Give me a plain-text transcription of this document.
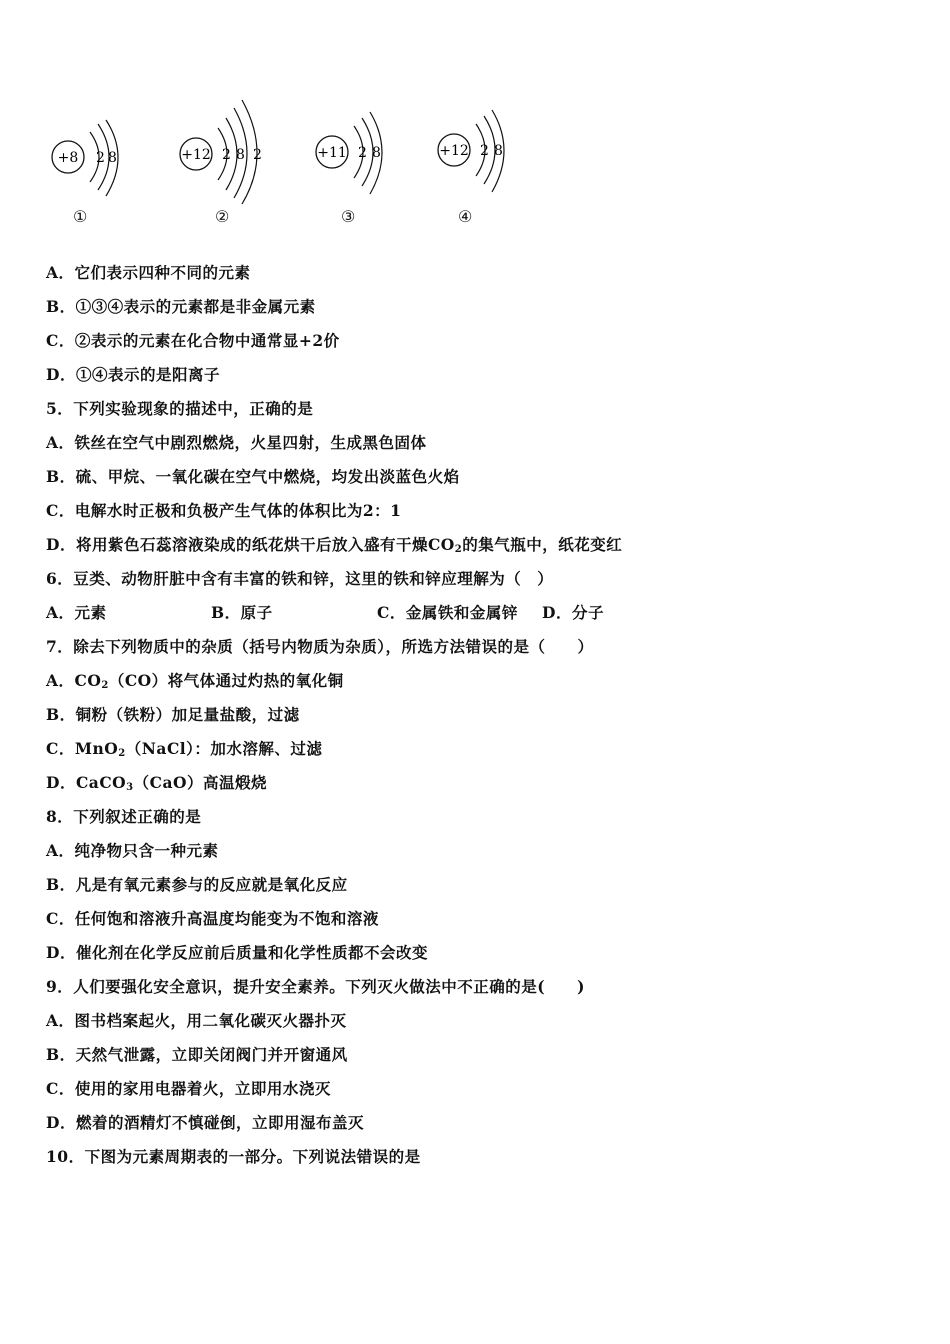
+8 2 8
①
+12 2 8 2
②
+11 2 8
③
+12 2 8
④
A．它们表示四种不同的元素
B．①③④表示的元素都是非金属元素
C．②表示的元素在化合物中通常显+2价
D．①④表示的是阳离子
5．下列实验现象的描述中，正确的是
A．铁丝在空气中剧烈燃烧，火星四射，生成黑色固体
B．硫、甲烷、一氧化碳在空气中燃烧，均发出淡蓝色火焰
C．电解水时正极和负极产生气体的体积比为2：1
D．将用紫色石蕊溶液染成的纸花烘干后放入盛有干燥$CO_2$的集气瓶中，纸花变红
6．豆类、动物肝脏中含有丰富的铁和锌，这里的铁和锌应理解为（　）
A．元素	B．原子	C．金属铁和金属锌 D．分子
7．除去下列物质中的杂质（括号内物质为杂质），所选方法错误的是（　　）
A．$CO_2(CO)$将气体通过灼热的氧化铜
B．铜粉（铁粉）加足量盐酸，过滤
C．MnO$_2$（NaCl）：加水溶解、过滤
D．CaCO$_3$（CaO）高温煅烧
8．下列叙述正确的是
A．纯净物只含一种元素
B．凡是有氧元素参与的反应就是氧化反应
C．任何饱和溶液升高温度均能变为不饱和溶液
D．催化剂在化学反应前后质量和化学性质都不会改变
9．人们要强化安全意识，提升安全素养。下列灭火做法中不正确的是(　　)
A．图书档案起火，用二氧化碳灭火器扑灭
B．天然气泄露，立即关闭阀门并开窗通风
C．使用的家用电器着火，立即用水浇灭
D．燃着的酒精灯不慎碰倒，立即用湿布盖灭
10．下图为元素周期表的一部分。下列说法错误的是
